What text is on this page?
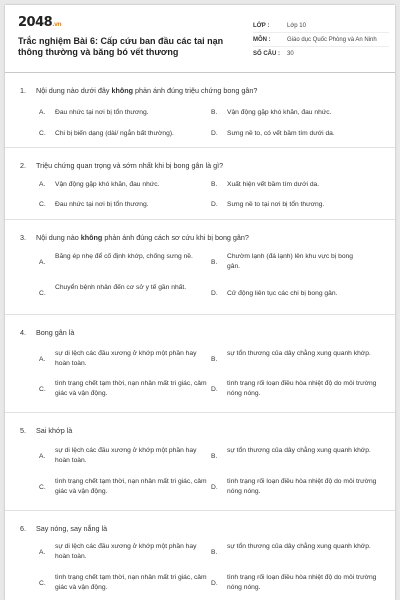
2048.vn
Trắc nghiệm Bài 6: Cấp cứu ban đầu các tai nạn thông thường và băng bó vết thương
LỚP :	Lớp 10
MÔN :	Giáo dục Quốc Phòng và An Ninh
SỐ CÂU :	30
1. Nội dung nào dưới đây không phản ánh đúng triệu chứng bong gân?
A.	Đau nhức tại nơi bị tổn thương.	B.	Vận động gặp khó khăn, đau nhức.
C.	Chi bị biến dạng (dài/ ngắn bất thường).	D.	Sưng nề to, có vết bầm tím dưới da.
2. Triệu chứng quan trọng và sớm nhất khi bị bong gân là gì?
A.	Vận động gặp khó khăn, đau nhức.	B.	Xuất hiện vết bầm tím dưới da.
C.	Đau nhức tại nơi bị tổn thương.	D.	Sưng nề to tại nơi bị tổn thương.
3. Nội dung nào không phản ánh đúng cách sơ cứu khi bị bong gân?
A.
Băng ép nhẹ để cố định khớp, chống sưng nề.
B.
Chườm lạnh (đá lạnh) lên khu vực bị bong gân.
C.
Chuyển bệnh nhân đến cơ sở y tế gần nhất.
D.	Cử động liên tục các chi bị bong gân.
4. Bong gân là
A.
sự di lệch các đầu xương ở khớp một phần hay hoàn toàn.
B.
sự tổn thương của dây chằng xung quanh khớp.
C.
tình trạng chết tạm thời, nạn nhân mất tri giác, cảm giác và vận động.
D.
tình trạng rối loạn điều hòa nhiệt độ do môi trường nóng nóng.
5. Sai khớp là
A.
sự di lệch các đầu xương ở khớp một phần hay hoàn toàn.
B.
sự tổn thương của dây chằng xung quanh khớp.
C.
tình trạng chết tạm thời, nạn nhân mất tri giác, cảm giác và vận động.
D.
tình trạng rối loạn điều hòa nhiệt độ do môi trường nóng nóng.
6. Say nóng, say nắng là
A.
sự di lệch các đầu xương ở khớp một phần hay hoàn toàn.
B.
sự tổn thương của dây chằng xung quanh khớp.
C.
tình trạng chết tạm thời, nạn nhân mất tri giác, cảm giác và vận động.
D.
tình trạng rối loạn điều hòa nhiệt độ do môi trường nóng nóng.
